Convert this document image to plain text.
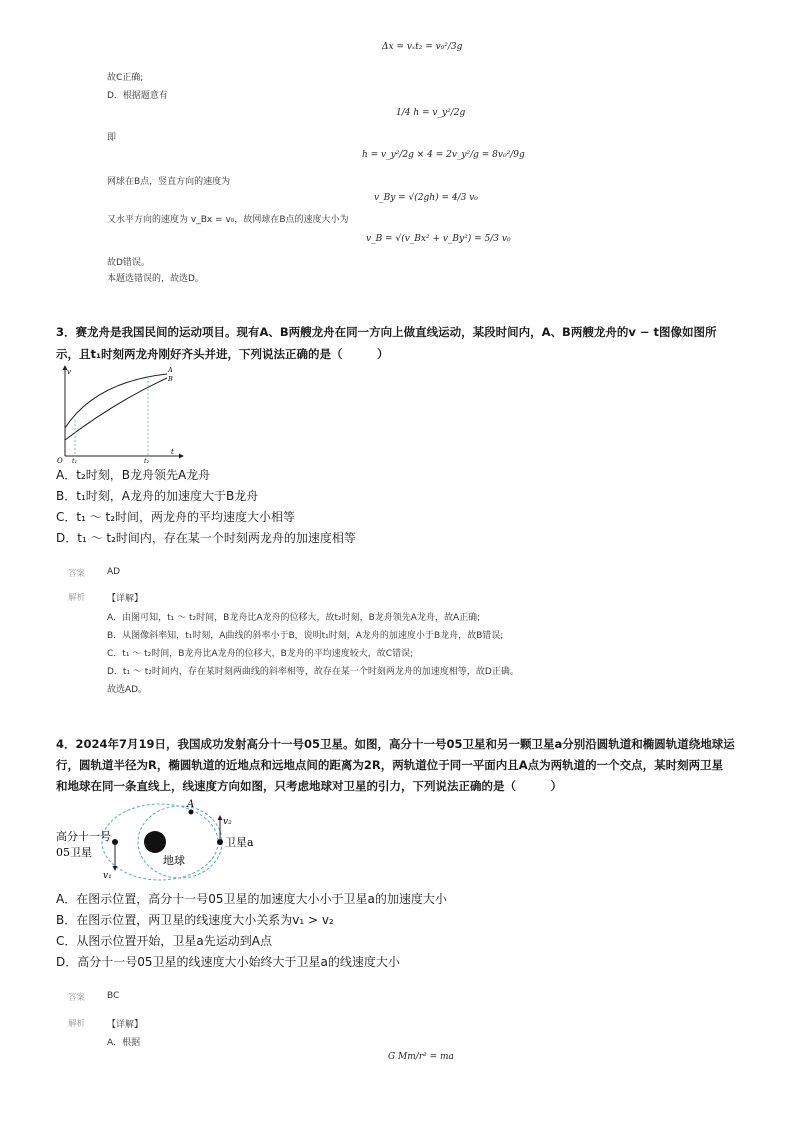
Δx = vₓt₂ = v₀²/3g
故C正确;
D．根据题意有
1/4 h = v_y²/2g
即
h = v_y²/2g × 4 = 2v_y²/g = 8v₀²/9g
网球在B点，竖直方向的速度为
v_By = √(2gh) = 4/3 v₀
又水平方向的速度为 v_Bx = v₀，故网球在B点的速度大小为
v_B = √(v_Bx² + v_By²) = 5/3 v₀
故D错误。
本题选错误的，故选D。
3．赛龙舟是我国民间的运动项目。现有A、B两艘龙舟在同一方向上做直线运动，某段时间内，A、B两艘龙舟的v − t图像如图所
示，且t₁时刻两龙舟刚好齐头并进，下列说法正确的是（　　　）
v
t
O t₁	t₂
A
B
A．t₂时刻，B龙舟领先A龙舟
B．t₁时刻，A龙舟的加速度大于B龙舟
C．t₁ ～ t₂时间，两龙舟的平均速度大小相等
D．t₁ ～ t₂时间内，存在某一个时刻两龙舟的加速度相等
答案 AD
解析 【详解】
A．由图可知，t₁ ～ t₂时间，B龙舟比A龙舟的位移大，故t₂时刻，B龙舟领先A龙舟，故A正确;
B．从图像斜率知，t₁时刻，A曲线的斜率小于B，说明t₁时刻，A龙舟的加速度小于B龙舟，故B错误;
C．t₁ ～ t₂时间，B龙舟比A龙舟的位移大，B龙舟的平均速度较大，故C错误;
D．t₁ ～ t₂时间内，存在某时刻两曲线的斜率相等，故存在某一个时刻两龙舟的加速度相等，故D正确。
故选AD。
4．2024年7月19日，我国成功发射高分十一号05卫星。如图，高分十一号05卫星和另一颗卫星a分别沿圆轨道和椭圆轨道绕地球运
行，圆轨道半径为R，椭圆轨道的近地点和远地点间的距离为2R，两轨道位于同一平面内且A点为两轨道的一个交点，某时刻两卫星
和地球在同一条直线上，线速度方向如图，只考虑地球对卫星的引力，下列说法正确的是（　　　）
高分十一号
05卫星
A
地球
卫星a
v₁
v₂
A．在图示位置，高分十一号05卫星的加速度大小小于卫星a的加速度大小
B．在图示位置，两卫星的线速度大小关系为v₁ > v₂
C．从图示位置开始，卫星a先运动到A点
D．高分十一号05卫星的线速度大小始终大于卫星a的线速度大小
答案 BC
解析 【详解】
A．根据
G Mm/r² = ma
